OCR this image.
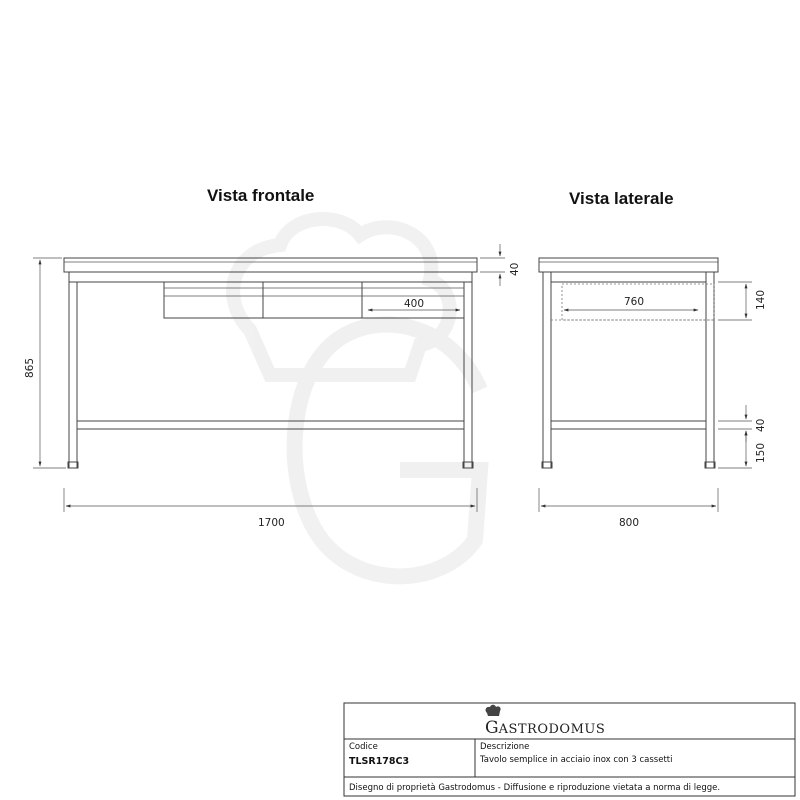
Vista frontale	Vista laterale
400
865
40
1700
760	140
40
150
800
GASTRODOMUS
Codice
TLSR178C3
Descrizione
Tavolo semplice in acciaio inox con 3 cassetti
Disegno di proprietà Gastrodomus - Diffusione e riproduzione vietata a norma di legge.
